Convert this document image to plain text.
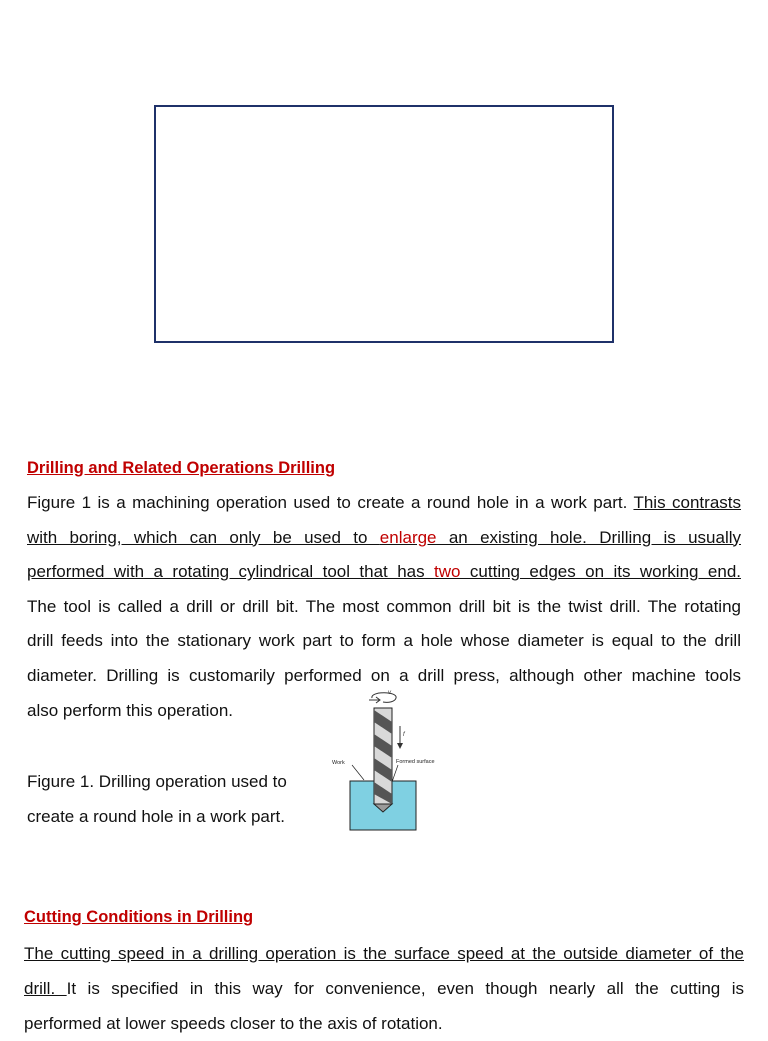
Drilling and Related Operations Drilling
Figure 1 is a machining operation used to create a round hole in a work part. This contrasts
with boring, which can only be used to enlarge an existing hole. Drilling is usually
performed with a rotating cylindrical tool that has two cutting edges on its working end.
The tool is called a drill or drill bit. The most common drill bit is the twist drill. The rotating
drill feeds into the stationary work part to form a hole whose diameter is equal to the drill
diameter. Drilling is customarily performed on a drill press, although other machine tools
also perform this operation.
Figure 1. Drilling operation used to
create a round hole in a work part.
v
f
Work	Formed surface
Cutting Conditions in Drilling
The cutting speed in a drilling operation is the surface speed at the outside diameter of the
drill. It is specified in this way for convenience, even though nearly all the cutting is
performed at lower speeds closer to the axis of rotation.
